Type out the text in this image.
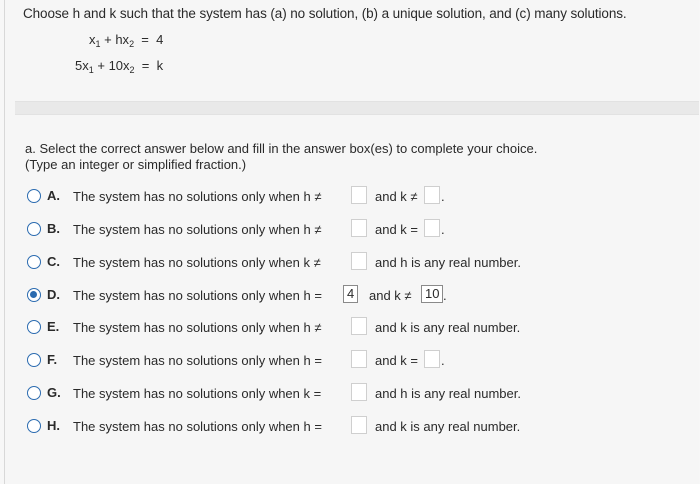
Choose h and k such that the system has (a) no solution, (b) a unique solution, and (c) many solutions.
$x_1 + hx_2 = 4$
$5x_1 + 10x_2 = k$
a. Select the correct answer below and fill in the answer box(es) to complete your choice.
(Type an integer or simplified fraction.)
A. The system has no solutions only when h ≠	and k ≠ .
B. The system has no solutions only when h ≠	and k = .
C. The system has no solutions only when k ≠	and h is any real number.
D. The system has no solutions only when h =	4	and k ≠	10 .
E. The system has no solutions only when h ≠	and k is any real number.
F. The system has no solutions only when h =	and k = .
G. The system has no solutions only when k =	and h is any real number.
H. The system has no solutions only when h =	and k is any real number.
